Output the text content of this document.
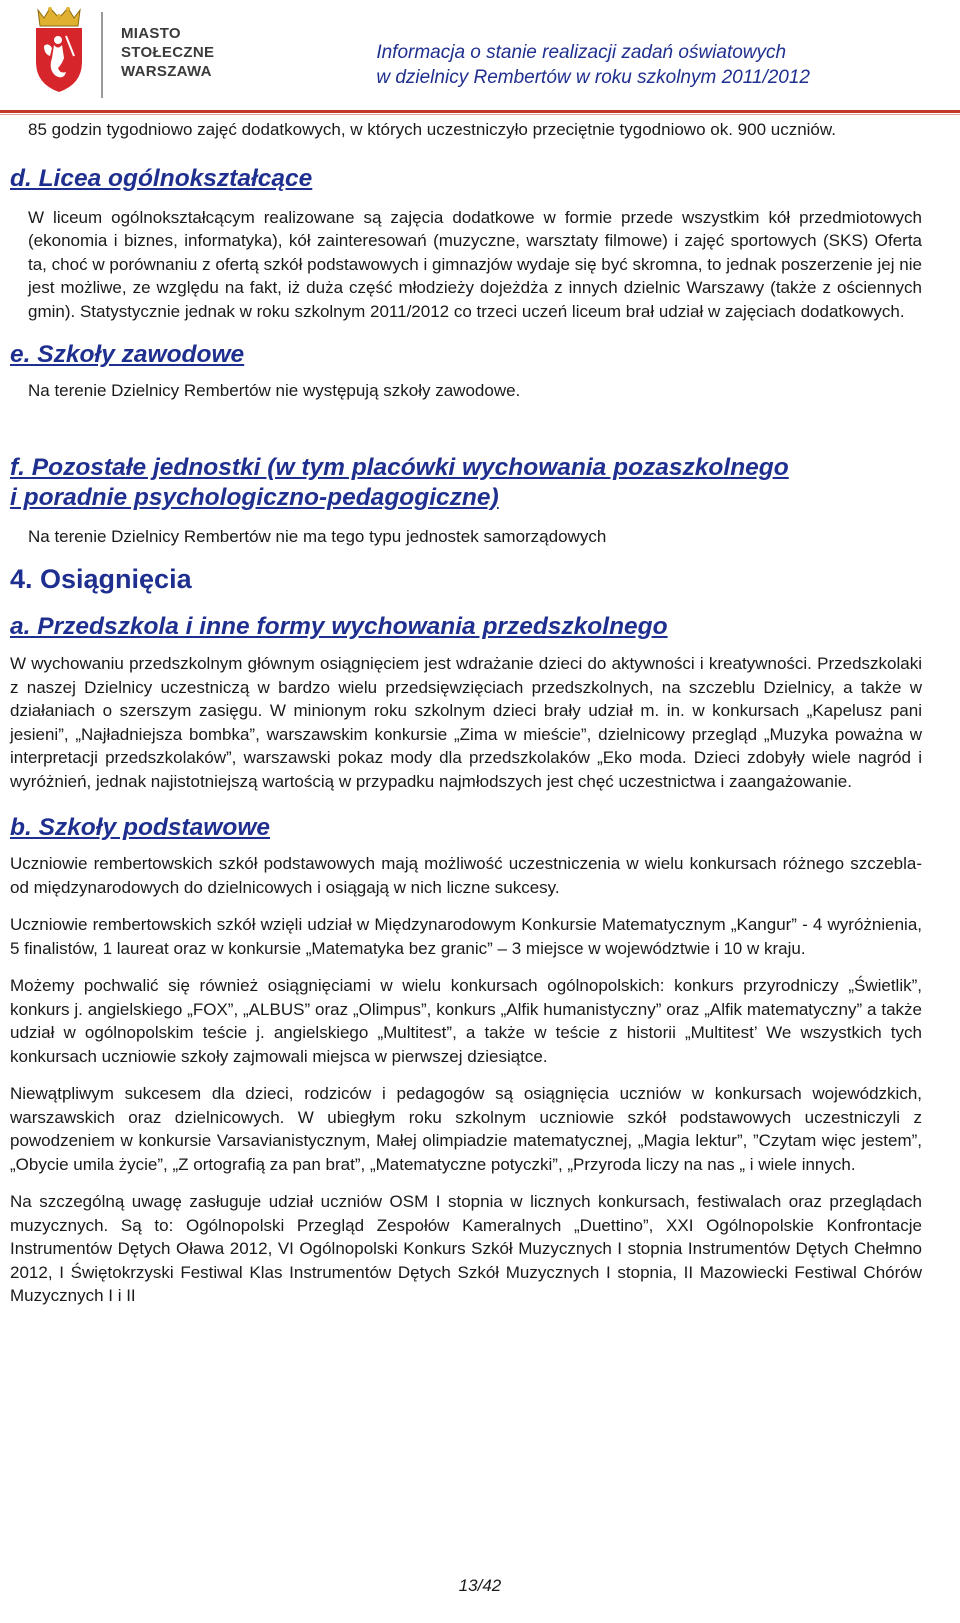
MIASTO
STOŁECZNE
WARSZAWA
Informacja o stanie realizacji zadań oświatowych
w dzielnicy Rembertów w roku szkolnym 2011/2012

85 godzin tygodniowo zajęć dodatkowych, w których uczestniczyło przeciętnie tygodniowo ok. 900 uczniów.

d. Licea ogólnokształcące

W liceum ogólnokształcącym realizowane są zajęcia dodatkowe w formie przede wszystkim kół przedmiotowych (ekonomia i biznes, informatyka), kół zainteresowań (muzyczne, warsztaty filmowe) i zajęć sportowych (SKS) Oferta ta, choć w porównaniu z ofertą szkół podstawowych i gimnazjów wydaje się być skromna, to jednak poszerzenie jej nie jest możliwe, ze względu na fakt, iż duża część młodzieży dojeżdża z innych dzielnic Warszawy (także z ościennych gmin). Statystycznie jednak w roku szkolnym 2011/2012 co trzeci uczeń liceum brał udział w zajęciach dodatkowych.

e. Szkoły zawodowe

Na terenie Dzielnicy Rembertów nie występują szkoły zawodowe.

f. Pozostałe jednostki (w tym placówki wychowania pozaszkolnego
i poradnie psychologiczno-pedagogiczne)

Na terenie Dzielnicy Rembertów nie ma tego typu jednostek samorządowych

4. Osiągnięcia
a. Przedszkola i inne formy wychowania przedszkolnego

W wychowaniu przedszkolnym głównym osiągnięciem jest wdrażanie dzieci do aktywności i kreatywności. Przedszkolaki z naszej Dzielnicy uczestniczą w bardzo wielu przedsięwzięciach przedszkolnych, na szczeblu Dzielnicy, a także w działaniach o szerszym zasięgu. W minionym roku szkolnym dzieci brały udział m. in. w konkursach „Kapelusz pani jesieni”, „Najładniejsza bombka”, warszawskim konkursie „Zima w mieście”, dzielnicowy przegląd „Muzyka poważna w interpretacji przedszkolaków”, warszawski pokaz mody dla przedszkolaków „Eko moda. Dzieci zdobyły wiele nagród i wyróżnień, jednak najistotniejszą wartością w przypadku najmłodszych jest chęć uczestnictwa i zaangażowanie.

b. Szkoły podstawowe

Uczniowie rembertowskich szkół podstawowych mają możliwość uczestniczenia w wielu konkursach różnego szczebla- od międzynarodowych do dzielnicowych i osiągają w nich liczne sukcesy.

Uczniowie rembertowskich szkół wzięli udział w Międzynarodowym Konkursie Matematycznym „Kangur” - 4 wyróżnienia, 5 finalistów, 1 laureat oraz w konkursie „Matematyka bez granic” – 3 miejsce w województwie i 10 w kraju.

Możemy pochwalić się również osiągnięciami w wielu konkursach ogólnopolskich: konkurs przyrodniczy „Świetlik”, konkurs j. angielskiego „FOX”, „ALBUS” oraz „Olimpus”, konkurs „Alfik humanistyczny” oraz „Alfik matematyczny” a także udział w ogólnopolskim teście j. angielskiego „Multitest”, a także w teście z historii „Multitest’ We wszystkich tych konkursach uczniowie szkoły zajmowali miejsca w pierwszej dziesiątce.

Niewątpliwym sukcesem dla dzieci, rodziców i pedagogów są osiągnięcia uczniów w konkursach wojewódzkich, warszawskich oraz dzielnicowych. W ubiegłym roku szkolnym uczniowie szkół podstawowych uczestniczyli z powodzeniem w konkursie Varsavianistycznym, Małej olimpiadzie matematycznej, „Magia lektur”, ”Czytam więc jestem”, „Obycie umila życie”, „Z ortografią za pan brat”, „Matematyczne potyczki”, „Przyroda liczy na nas „ i wiele innych.

Na szczególną uwagę zasługuje udział uczniów OSM I stopnia w licznych konkursach, festiwalach oraz przeglądach muzycznych. Są to: Ogólnopolski Przegląd Zespołów Kameralnych „Duettino”, XXI Ogólnopolskie Konfrontacje Instrumentów Dętych Oława 2012, VI Ogólnopolski Konkurs Szkół Muzycznych I stopnia Instrumentów Dętych Chełmno 2012, I Świętokrzyski Festiwal Klas Instrumentów Dętych Szkół Muzycznych I stopnia, II Mazowiecki Festiwal Chórów Muzycznych I i II

13/42
